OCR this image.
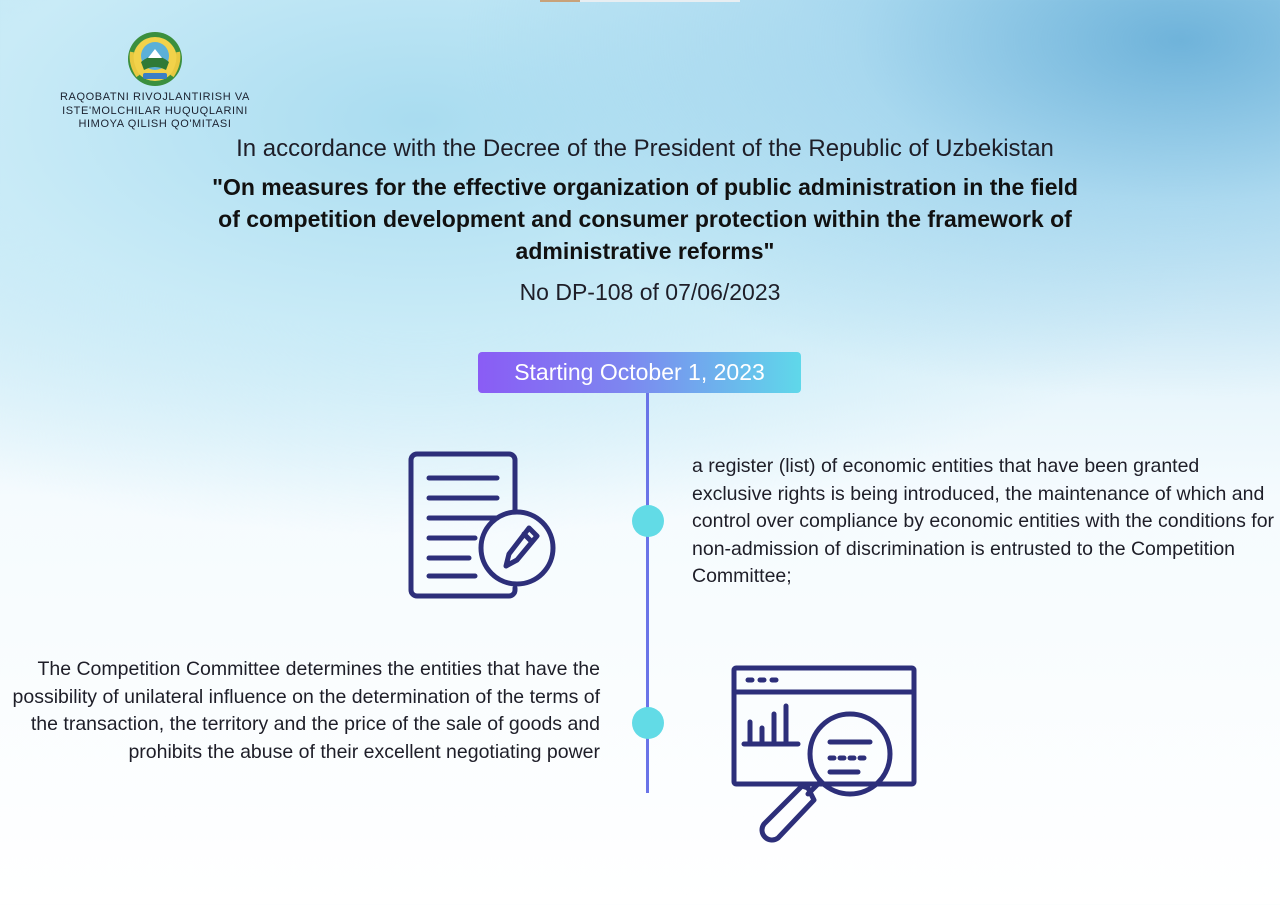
RAQOBATNI RIVOJLANTIRISH VA
ISTE'MOLCHILAR HUQUQLARINI
HIMOYA QILISH QO'MITASI
In accordance with the Decree of the President of the Republic of Uzbekistan
"On measures for the effective organization of public administration in the field of competition development and consumer protection within the framework of administrative reforms"
No DP-108 of 07/06/2023
Starting October 1, 2023
a register (list) of economic entities that have been granted exclusive rights is being introduced, the maintenance of which and control over compliance by economic entities with the conditions for non-admission of discrimination is entrusted to the Competition Committee;
The Competition Committee determines the entities that have the possibility of unilateral influence on the determination of the terms of the transaction, the territory and the price of the sale of goods and prohibits the abuse of their excellent negotiating power
